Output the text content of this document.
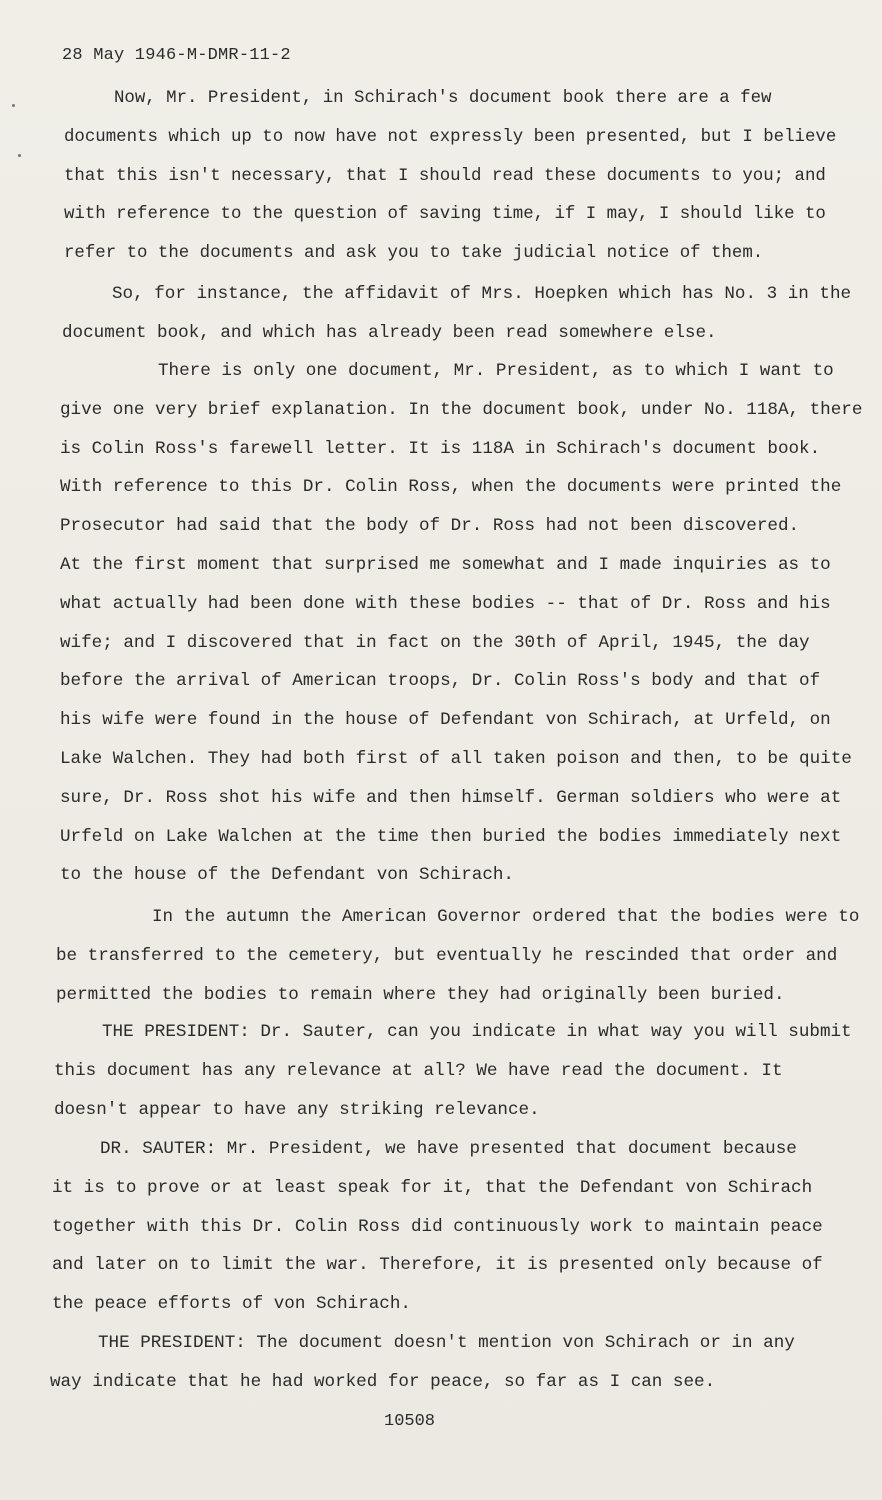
28 May 1946-M-DMR-11-2
Now, Mr. President, in Schirach's document book there are a few
documents which up to now have not expressly been presented, but I believe
that this isn't necessary, that I should read these documents to you; and
with reference to the question of saving time, if I may, I should like to
refer to the documents and ask you to take judicial notice of them.
So, for instance, the affidavit of Mrs. Hoepken which has No. 3 in the
document book, and which has already been read somewhere else.
There is only one document, Mr. President, as to which I want to
give one very brief explanation. In the document book, under No. 118A, there
is Colin Ross's farewell letter. It is 118A in Schirach's document book.
With reference to this Dr. Colin Ross, when the documents were printed the
Prosecutor had said that the body of Dr. Ross had not been discovered.
At the first moment that surprised me somewhat and I made inquiries as to
what actually had been done with these bodies -- that of Dr. Ross and his
wife; and I discovered that in fact on the 30th of April, 1945, the day
before the arrival of American troops, Dr. Colin Ross's body and that of
his wife were found in the house of Defendant von Schirach, at Urfeld, on
Lake Walchen. They had both first of all taken poison and then, to be quite
sure, Dr. Ross shot his wife and then himself. German soldiers who were at
Urfeld on Lake Walchen at the time then buried the bodies immediately next
to the house of the Defendant von Schirach.
In the autumn the American Governor ordered that the bodies were to
be transferred to the cemetery, but eventually he rescinded that order and
permitted the bodies to remain where they had originally been buried.
THE PRESIDENT: Dr. Sauter, can you indicate in what way you will submit
this document has any relevance at all? We have read the document. It
doesn't appear to have any striking relevance.
DR. SAUTER: Mr. President, we have presented that document because
it is to prove or at least speak for it, that the Defendant von Schirach
together with this Dr. Colin Ross did continuously work to maintain peace
and later on to limit the war. Therefore, it is presented only because of
the peace efforts of von Schirach.
THE PRESIDENT: The document doesn't mention von Schirach or in any
way indicate that he had worked for peace, so far as I can see.
10508
